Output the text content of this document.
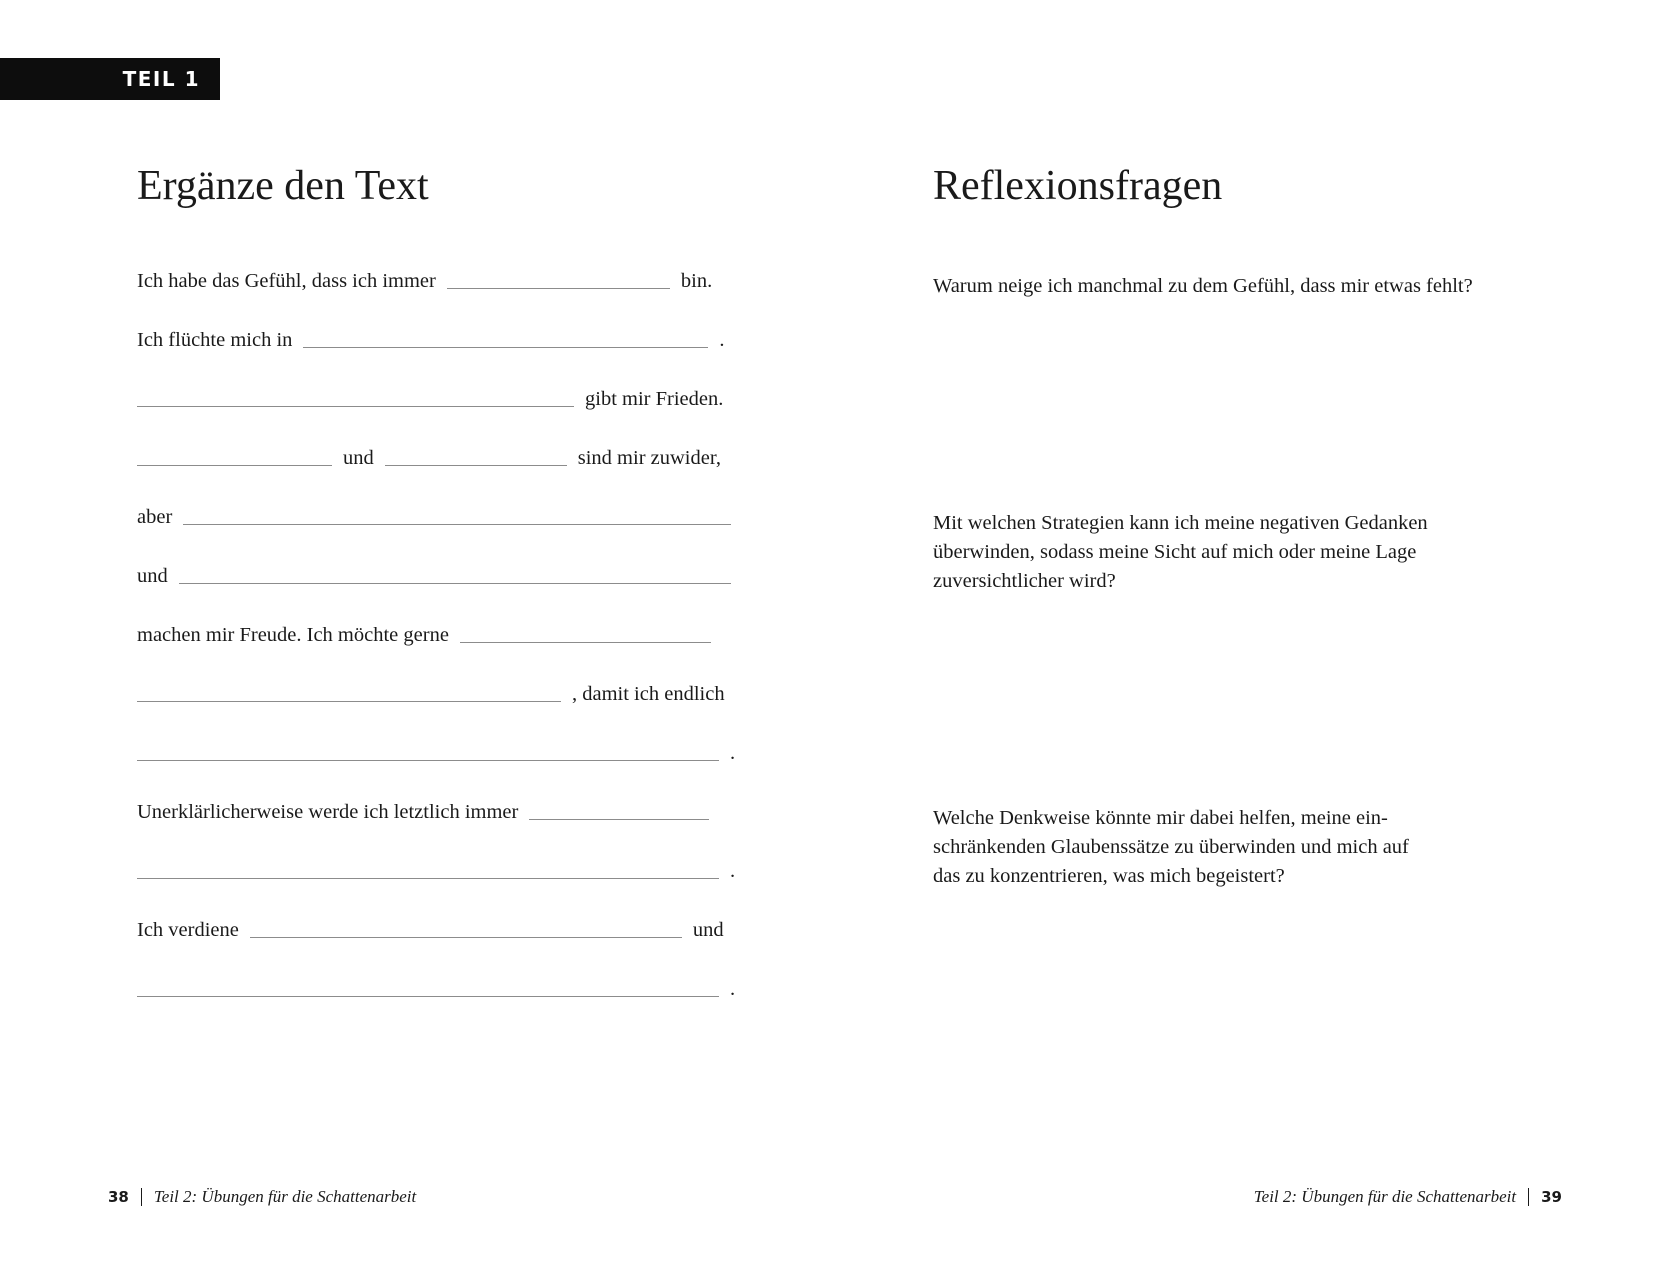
TEIL 1
Ergänze den Text
Ich habe das Gefühl, dass ich immer	bin.
Ich flüchte mich in	.
gibt mir Frieden.
und	sind mir zuwider,
aber
und
machen mir Freude. Ich möchte gerne
, damit ich endlich
.
Unerklärlicherweise werde ich letztlich immer
.
Ich verdiene	und
.
Reflexionsfragen
Warum neige ich manchmal zu dem Gefühl, dass mir etwas fehlt?
Mit welchen Strategien kann ich meine negativen Gedanken
überwinden, sodass meine Sicht auf mich oder meine Lage
zuversichtlicher wird?
Welche Denkweise könnte mir dabei helfen, meine ein-
schränkenden Glaubenssätze zu überwinden und mich auf
das zu konzentrieren, was mich begeistert?
38 Teil 2: Übungen für die Schattenarbeit	Teil 2: Übungen für die Schattenarbeit 39
